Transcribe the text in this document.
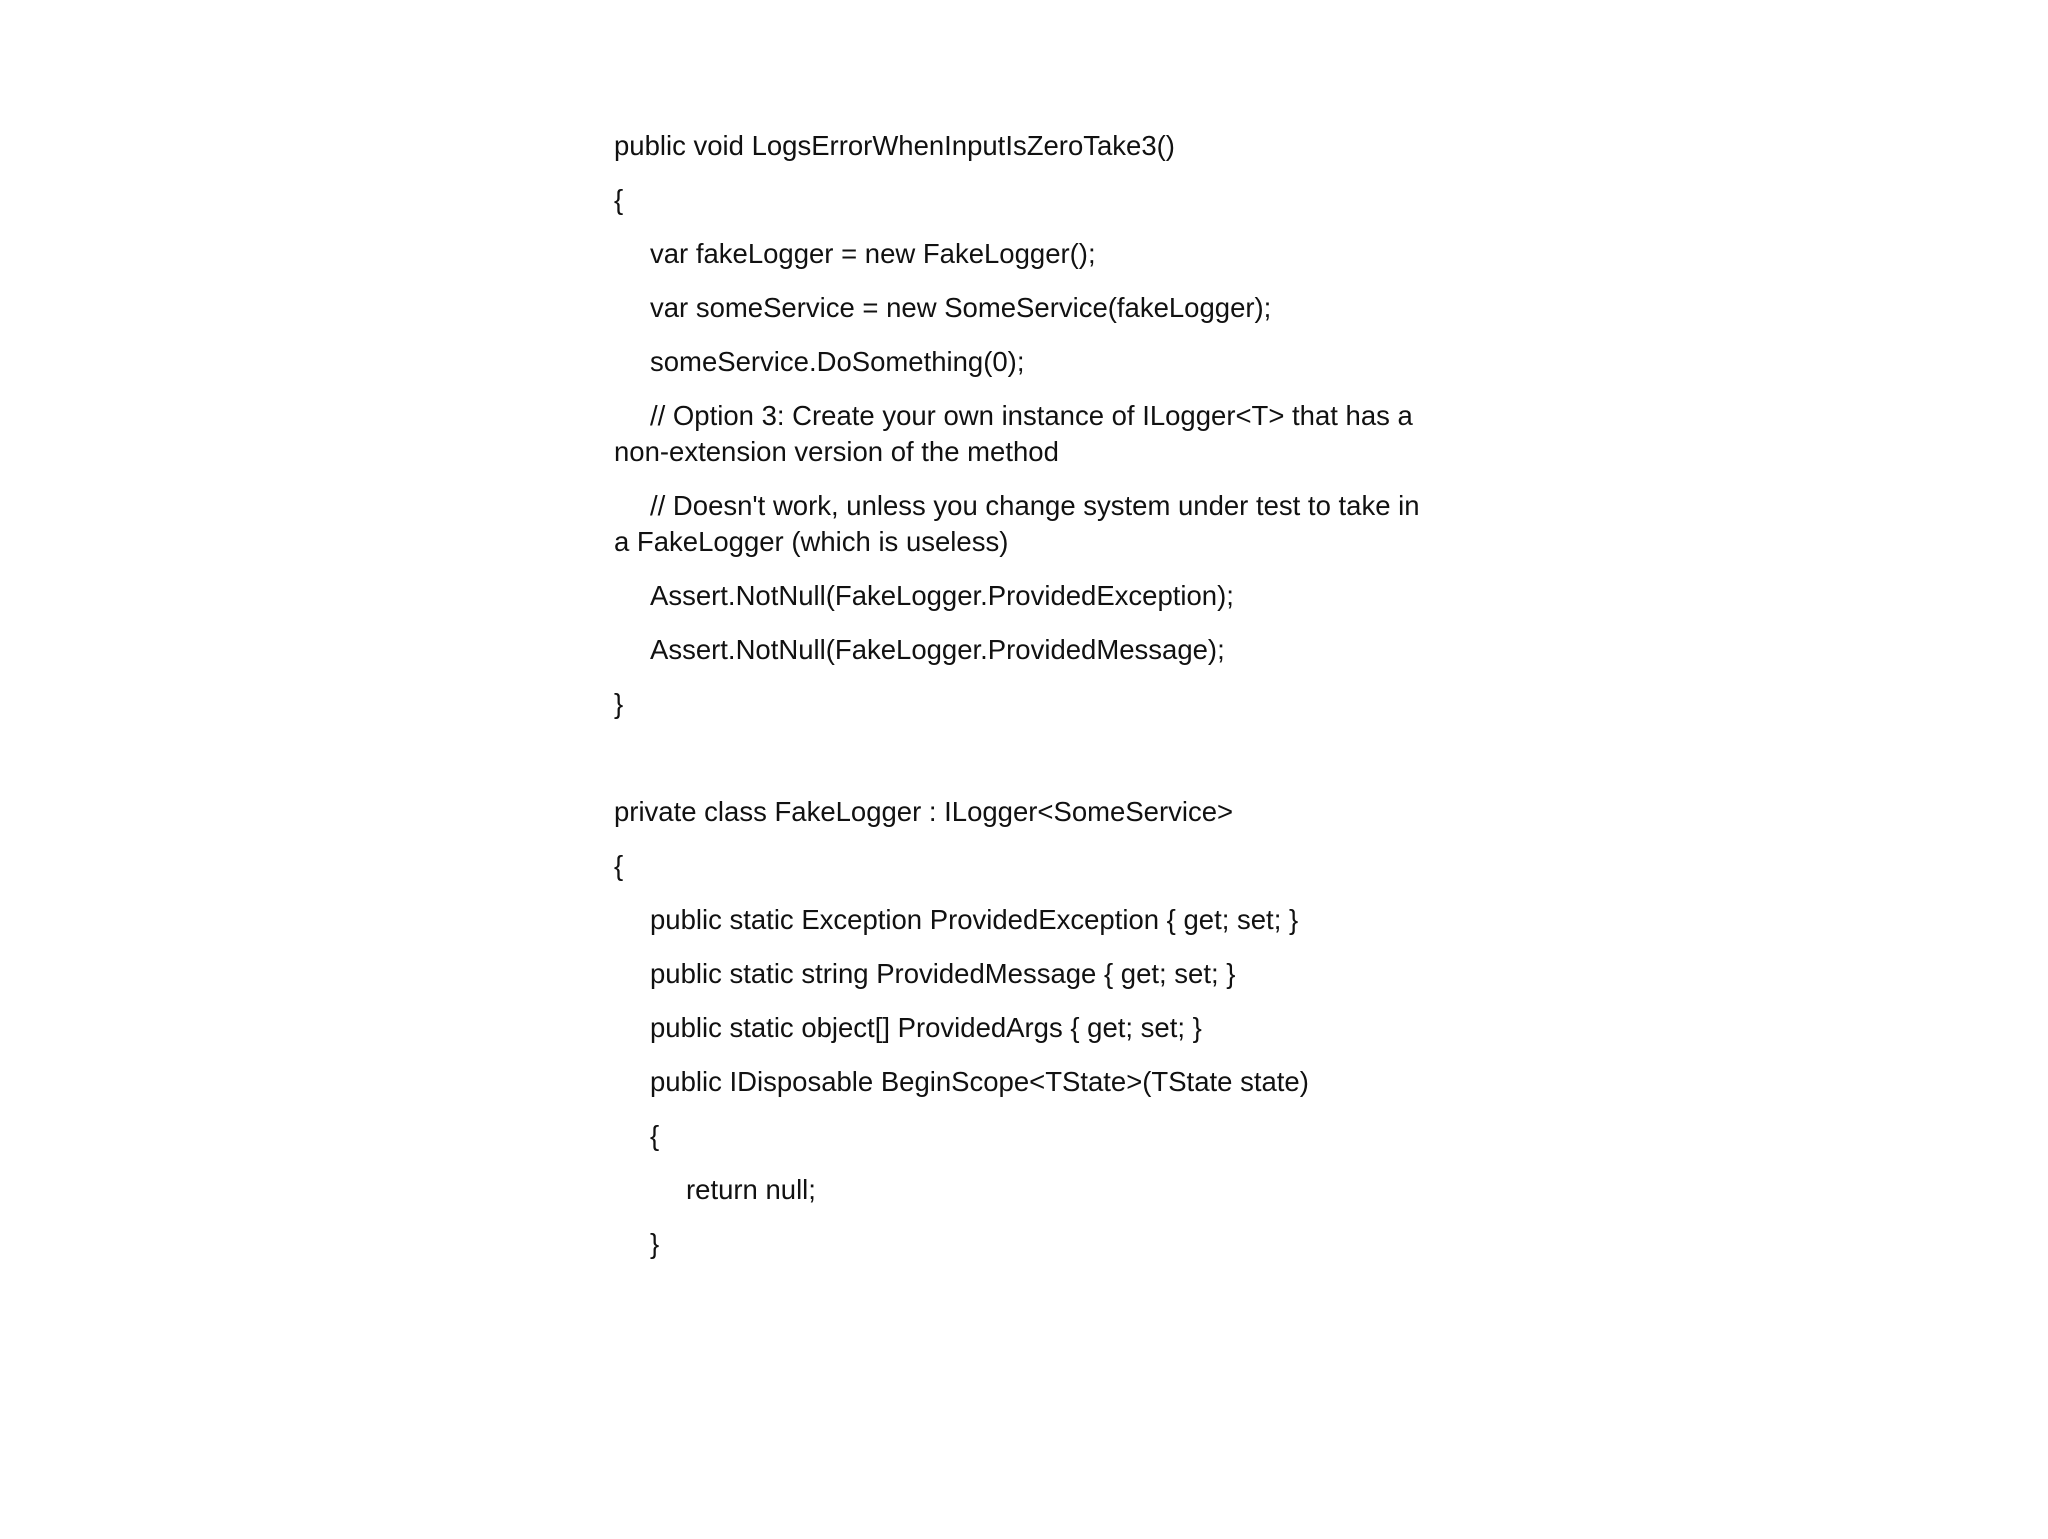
public void LogsErrorWhenInputIsZeroTake3()
{
var fakeLogger = new FakeLogger();
var someService = new SomeService(fakeLogger);
someService.DoSomething(0);
// Option 3: Create your own instance of ILogger<T> that has a non-extension version of the method
// Doesn't work, unless you change system under test to take in a FakeLogger (which is useless)
Assert.NotNull(FakeLogger.ProvidedException);
Assert.NotNull(FakeLogger.ProvidedMessage);
}
private class FakeLogger : ILogger<SomeService>
{
public static Exception ProvidedException { get; set; }
public static string ProvidedMessage { get; set; }
public static object[] ProvidedArgs { get; set; }
public IDisposable BeginScope<TState>(TState state)
{
return null;
}
